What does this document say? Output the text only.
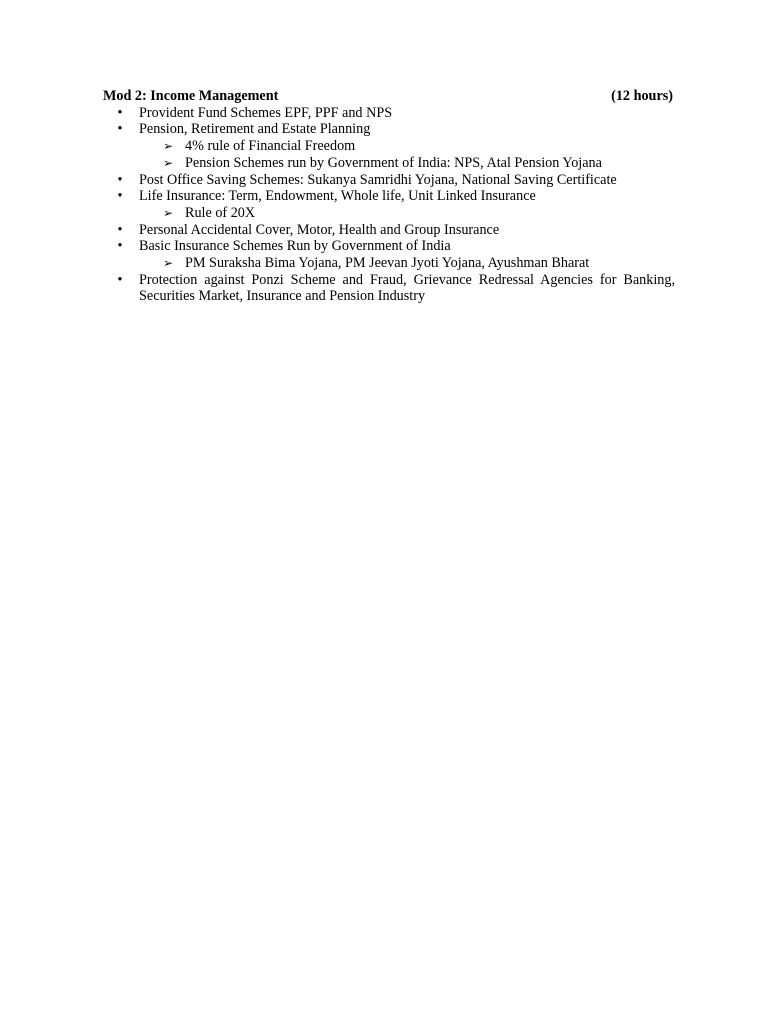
Mod 2: Income Management	(12 hours)
• Provident Fund Schemes EPF, PPF and NPS
• Pension, Retirement and Estate Planning
➢ 4% rule of Financial Freedom
➢ Pension Schemes run by Government of India: NPS, Atal Pension Yojana
• Post Office Saving Schemes: Sukanya Samridhi Yojana, National Saving Certificate
• Life Insurance: Term, Endowment, Whole life, Unit Linked Insurance
➢ Rule of 20X
• Personal Accidental Cover, Motor, Health and Group Insurance
• Basic Insurance Schemes Run by Government of India
➢ PM Suraksha Bima Yojana, PM Jeevan Jyoti Yojana, Ayushman Bharat
• Protection against Ponzi Scheme and Fraud, Grievance Redressal Agencies for Banking, Securities Market, Insurance and Pension Industry
